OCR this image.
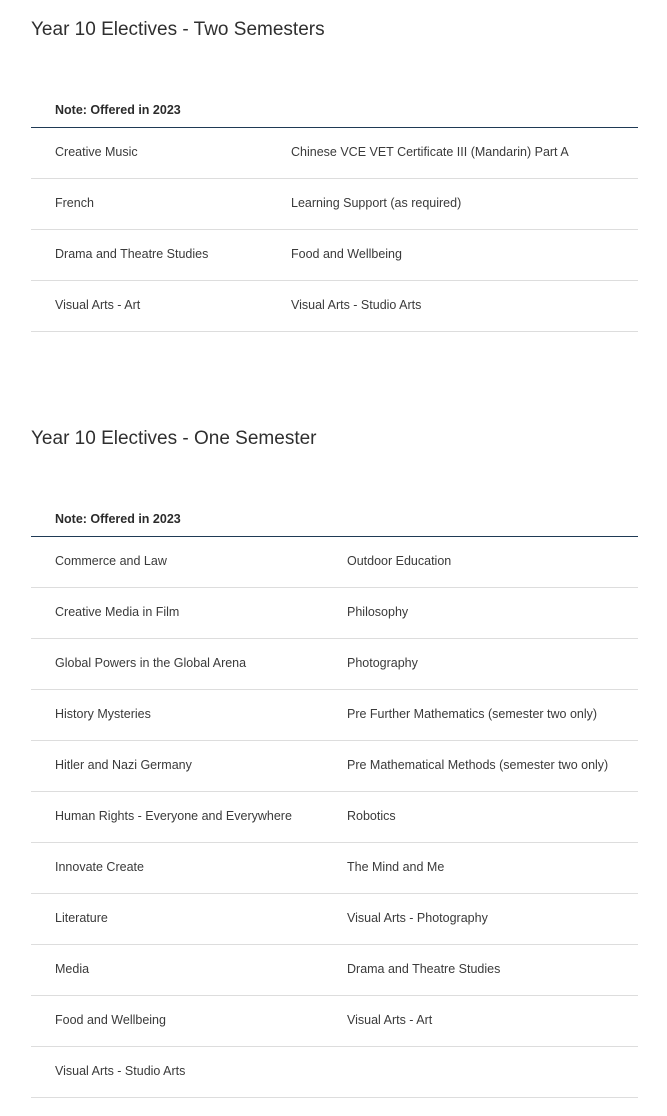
Year 10 Electives - Two Semesters
Note: Offered in 2023
Creative Music	Chinese VCE VET Certificate III (Mandarin) Part A
French	Learning Support (as required)
Drama and Theatre Studies	Food and Wellbeing
Visual Arts - Art	Visual Arts - Studio Arts
Year 10 Electives - One Semester
Note: Offered in 2023
Commerce and Law	Outdoor Education
Creative Media in Film	Philosophy
Global Powers in the Global Arena	Photography
History Mysteries	Pre Further Mathematics (semester two only)
Hitler and Nazi Germany	Pre Mathematical Methods (semester two only)
Human Rights - Everyone and Everywhere	Robotics
Innovate Create	The Mind and Me
Literature	Visual Arts - Photography
Media	Drama and Theatre Studies
Food and Wellbeing	Visual Arts - Art
Visual Arts - Studio Arts
